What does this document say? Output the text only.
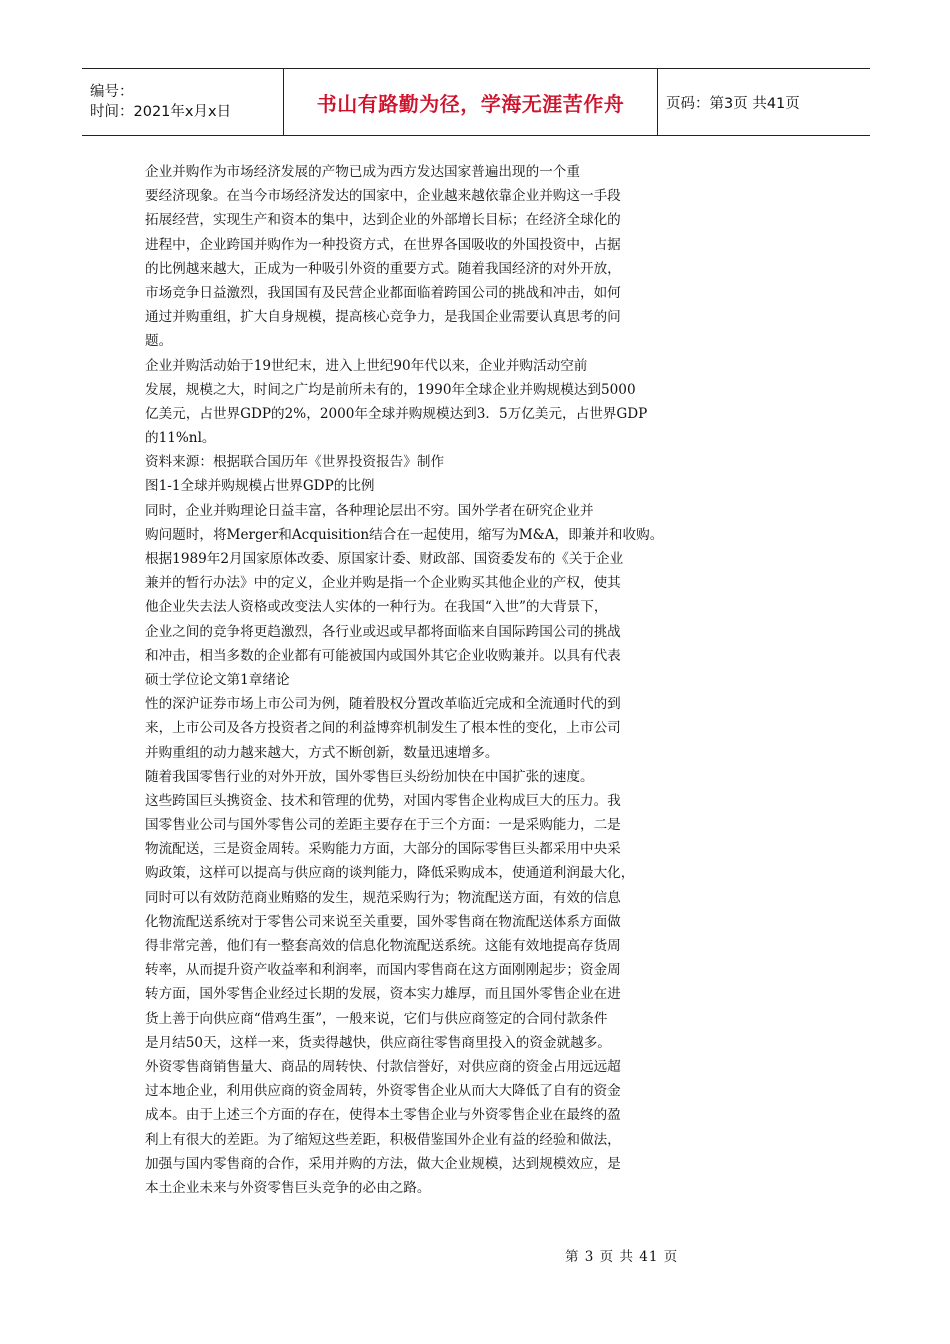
编号：
时间：2021年x月x日	书山有路勤为径，学海无涯苦作舟	页码：第3页 共41页
企业并购作为市场经济发展的产物已成为西方发达国家普遍出现的一个重
要经济现象。在当今市场经济发达的国家中，企业越来越依靠企业并购这一手段
拓展经营，实现生产和资本的集中，达到企业的外部增长目标；在经济全球化的
进程中，企业跨国并购作为一种投资方式，在世界各国吸收的外国投资中，占据
的比例越来越大，正成为一种吸引外资的重要方式。随着我国经济的对外开放，
市场竞争日益激烈，我国国有及民营企业都面临着跨国公司的挑战和冲击，如何
通过并购重组，扩大自身规模，提高核心竞争力，是我国企业需要认真思考的问
题。
企业并购活动始于19世纪末，进入上世纪90年代以来，企业并购活动空前
发展，规模之大，时间之广均是前所未有的，1990年全球企业并购规模达到5000
亿美元，占世界GDP的2%，2000年全球并购规模达到3．5万亿美元，占世界GDP
的11%nl。
资料来源：根据联合国历年《世界投资报告》制作
图1-1全球并购规模占世界GDP的比例
同时，企业并购理论日益丰富，各种理论层出不穷。国外学者在研究企业并
购问题时，将Merger和Acquisition结合在一起使用，缩写为M&A，即兼并和收购。
根据1989年2月国家原体改委、原国家计委、财政部、国资委发布的《关于企业
兼并的暂行办法》中的定义，企业并购是指一个企业购买其他企业的产权，使其
他企业失去法人资格或改变法人实体的一种行为。在我国“入世”的大背景下，
企业之间的竞争将更趋激烈，各行业或迟或早都将面临来自国际跨国公司的挑战
和冲击，相当多数的企业都有可能被国内或国外其它企业收购兼并。以具有代表
硕士学位论文第1章绪论
性的深沪证券市场上市公司为例，随着股权分置改革临近完成和全流通时代的到
来，上市公司及各方投资者之间的利益博弈机制发生了根本性的变化，上市公司
并购重组的动力越来越大，方式不断创新，数量迅速增多。
随着我国零售行业的对外开放，国外零售巨头纷纷加快在中国扩张的速度。
这些跨国巨头携资金、技术和管理的优势，对国内零售企业构成巨大的压力。我
国零售业公司与国外零售公司的差距主要存在于三个方面：一是采购能力，二是
物流配送，三是资金周转。采购能力方面，大部分的国际零售巨头都采用中央采
购政策，这样可以提高与供应商的谈判能力，降低采购成本，使通道利润最大化，
同时可以有效防范商业贿赂的发生，规范采购行为；物流配送方面，有效的信息
化物流配送系统对于零售公司来说至关重要，国外零售商在物流配送体系方面做
得非常完善，他们有一整套高效的信息化物流配送系统。这能有效地提高存货周
转率，从而提升资产收益率和利润率，而国内零售商在这方面刚刚起步；资金周
转方面，国外零售企业经过长期的发展，资本实力雄厚，而且国外零售企业在进
货上善于向供应商“借鸡生蛋”，一般来说，它们与供应商签定的合同付款条件
是月结50天，这样一来，货卖得越快，供应商往零售商里投入的资金就越多。
外资零售商销售量大、商品的周转快、付款信誉好，对供应商的资金占用远远超
过本地企业，利用供应商的资金周转，外资零售企业从而大大降低了自有的资金
成本。由于上述三个方面的存在，使得本土零售企业与外资零售企业在最终的盈
利上有很大的差距。为了缩短这些差距，积极借鉴国外企业有益的经验和做法，
加强与国内零售商的合作，采用并购的方法，做大企业规模，达到规模效应，是
本土企业未来与外资零售巨头竞争的必由之路。
第 3 页 共 41 页
